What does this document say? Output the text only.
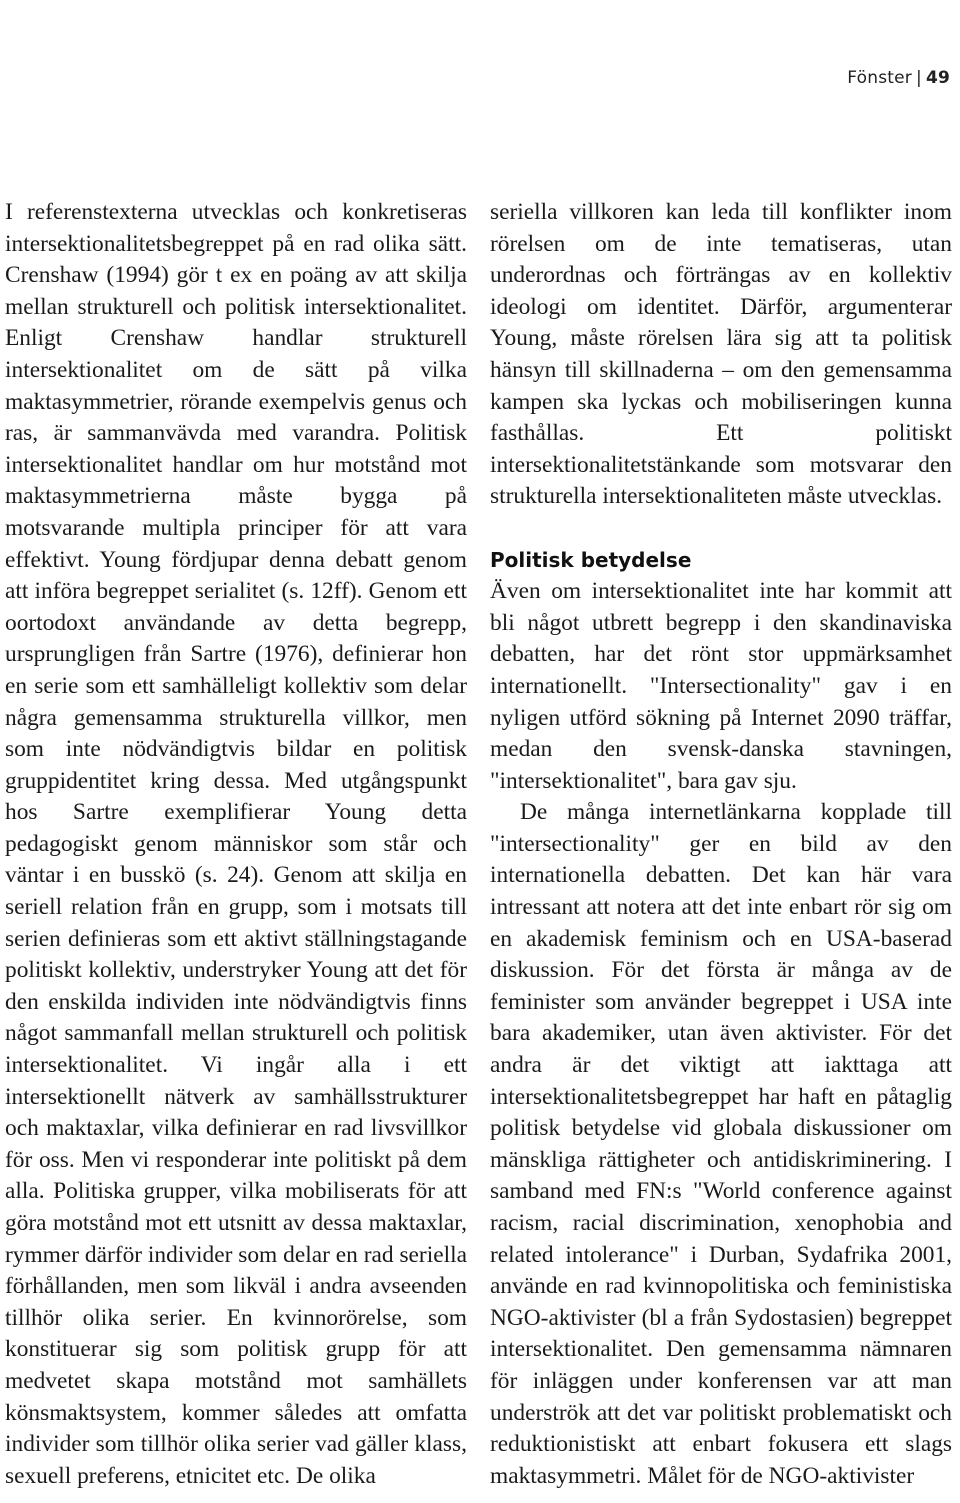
Fönster | 49

I referenstexterna utvecklas och konkretiseras intersektionalitetsbegreppet på en rad olika sätt. Crenshaw (1994) gör t ex en poäng av att skilja mellan strukturell och politisk intersektionalitet. Enligt Crenshaw handlar strukturell intersektionalitet om de sätt på vilka maktasymmetrier, rörande exempelvis genus och ras, är sammanvävda med varandra. Politisk intersektionalitet handlar om hur motstånd mot maktasymmetrierna måste bygga på motsvarande multipla principer för att vara effektivt. Young fördjupar denna debatt genom att införa begreppet serialitet (s. 12ff). Genom ett oortodoxt användande av detta begrepp, ursprungligen från Sartre (1976), definierar hon en serie som ett samhälleligt kollektiv som delar några gemensamma strukturella villkor, men som inte nödvändigtvis bildar en politisk gruppidentitet kring dessa. Med utgångspunkt hos Sartre exemplifierar Young detta pedagogiskt genom människor som står och väntar i en busskö (s. 24). Genom att skilja en seriell relation från en grupp, som i motsats till serien definieras som ett aktivt ställningstagande politiskt kollektiv, understryker Young att det för den enskilda individen inte nödvändigtvis finns något sammanfall mellan strukturell och politisk intersektionalitet. Vi ingår alla i ett intersektionellt nätverk av samhällsstrukturer och maktaxlar, vilka definierar en rad livsvillkor för oss. Men vi responderar inte politiskt på dem alla. Politiska grupper, vilka mobiliserats för att göra motstånd mot ett utsnitt av dessa maktaxlar, rymmer därför individer som delar en rad seriella förhållanden, men som likväl i andra avseenden tillhör olika serier. En kvinnorörelse, som konstituerar sig som politisk grupp för att medvetet skapa motstånd mot samhällets könsmaktsystem, kommer således att omfatta individer som tillhör olika serier vad gäller klass, sexuell preferens, etnicitet etc. De olika

seriella villkoren kan leda till konflikter inom rörelsen om de inte tematiseras, utan underordnas och förträngas av en kollektiv ideologi om identitet. Därför, argumenterar Young, måste rörelsen lära sig att ta politisk hänsyn till skillnaderna – om den gemensamma kampen ska lyckas och mobiliseringen kunna fasthållas. Ett politiskt intersektionalitetstänkande som motsvarar den strukturella intersektionaliteten måste utvecklas.

Politisk betydelse

Även om intersektionalitet inte har kommit att bli något utbrett begrepp i den skandinaviska debatten, har det rönt stor uppmärksamhet internationellt. "Intersectionality" gav i en nyligen utförd sökning på Internet 2090 träffar, medan den svensk-danska stavningen, "intersektionalitet", bara gav sju.

De många internetlänkarna kopplade till "intersectionality" ger en bild av den internationella debatten. Det kan här vara intressant att notera att det inte enbart rör sig om en akademisk feminism och en USA-baserad diskussion. För det första är många av de feminister som använder begreppet i USA inte bara akademiker, utan även aktivister. För det andra är det viktigt att iakttaga att intersektionalitetsbegreppet har haft en påtaglig politisk betydelse vid globala diskussioner om mänskliga rättigheter och antidiskriminering. I samband med FN:s "World conference against racism, racial discrimination, xenophobia and related intolerance" i Durban, Sydafrika 2001, använde en rad kvinnopolitiska och feministiska NGO-aktivister (bl a från Sydostasien) begreppet intersektionalitet. Den gemensamma nämnaren för inläggen under konferensen var att man underströk att det var politiskt problematiskt och reduktionistiskt att enbart fokusera ett slags maktasymmetri. Målet för de NGO-aktivister
